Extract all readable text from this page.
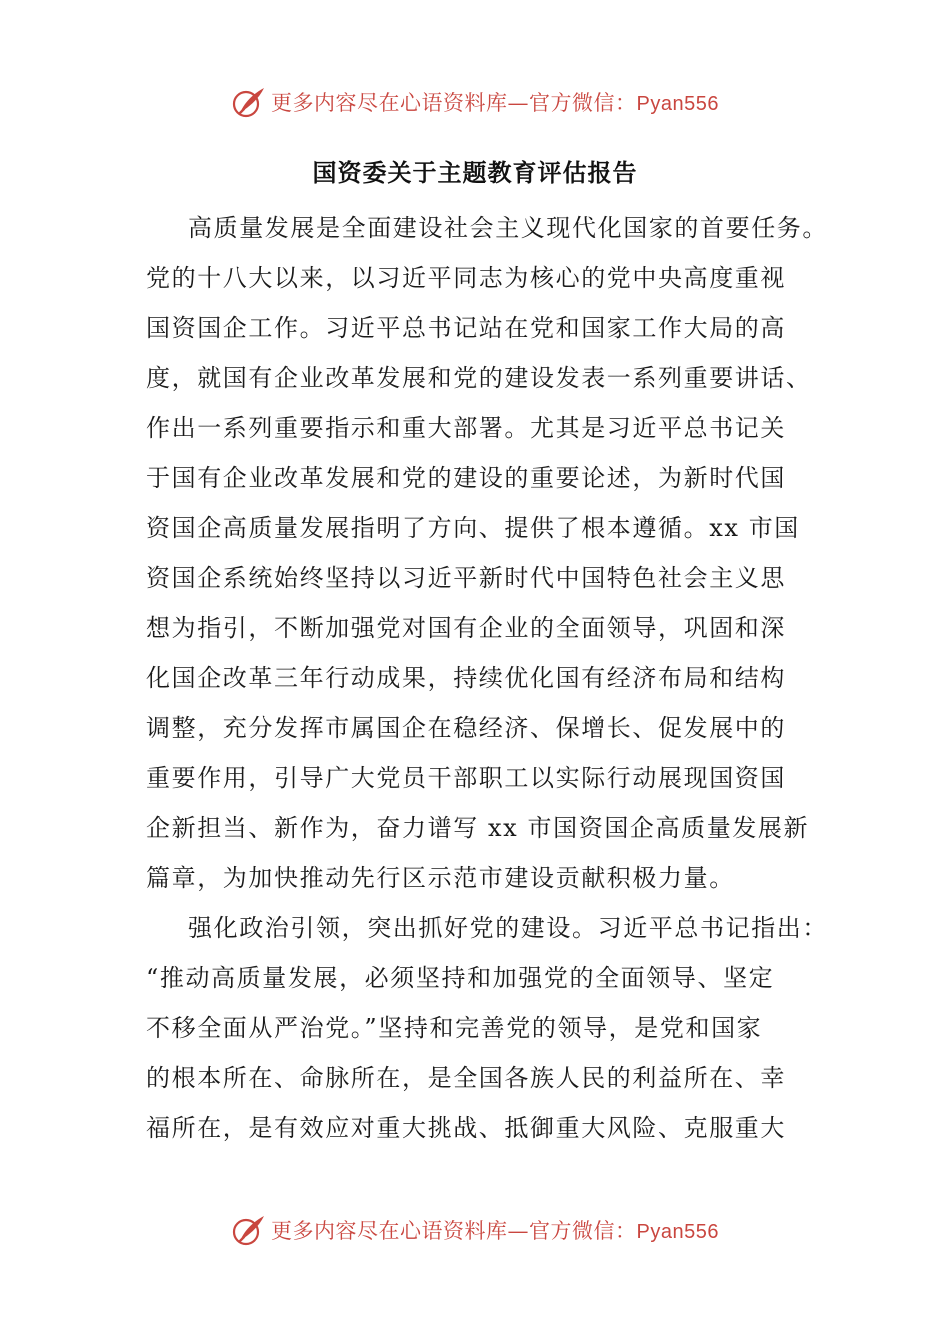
更多内容尽在心语资料库—官方微信：Pyan556
国资委关于主题教育评估报告
高质量发展是全面建设社会主义现代化国家的首要任务。
党的十八大以来，以习近平同志为核心的党中央高度重视
国资国企工作。习近平总书记站在党和国家工作大局的高
度，就国有企业改革发展和党的建设发表一系列重要讲话、
作出一系列重要指示和重大部署。尤其是习近平总书记关
于国有企业改革发展和党的建设的重要论述，为新时代国
资国企高质量发展指明了方向、提供了根本遵循。xx 市国
资国企系统始终坚持以习近平新时代中国特色社会主义思
想为指引，不断加强党对国有企业的全面领导，巩固和深
化国企改革三年行动成果，持续优化国有经济布局和结构
调整，充分发挥市属国企在稳经济、保增长、促发展中的
重要作用，引导广大党员干部职工以实际行动展现国资国
企新担当、新作为，奋力谱写 xx 市国资国企高质量发展新
篇章，为加快推动先行区示范市建设贡献积极力量。
强化政治引领，突出抓好党的建设。习近平总书记指出：
“推动高质量发展，必须坚持和加强党的全面领导、坚定
不移全面从严治党。”坚持和完善党的领导，是党和国家
的根本所在、命脉所在，是全国各族人民的利益所在、幸
福所在，是有效应对重大挑战、抵御重大风险、克服重大
更多内容尽在心语资料库—官方微信：Pyan556
